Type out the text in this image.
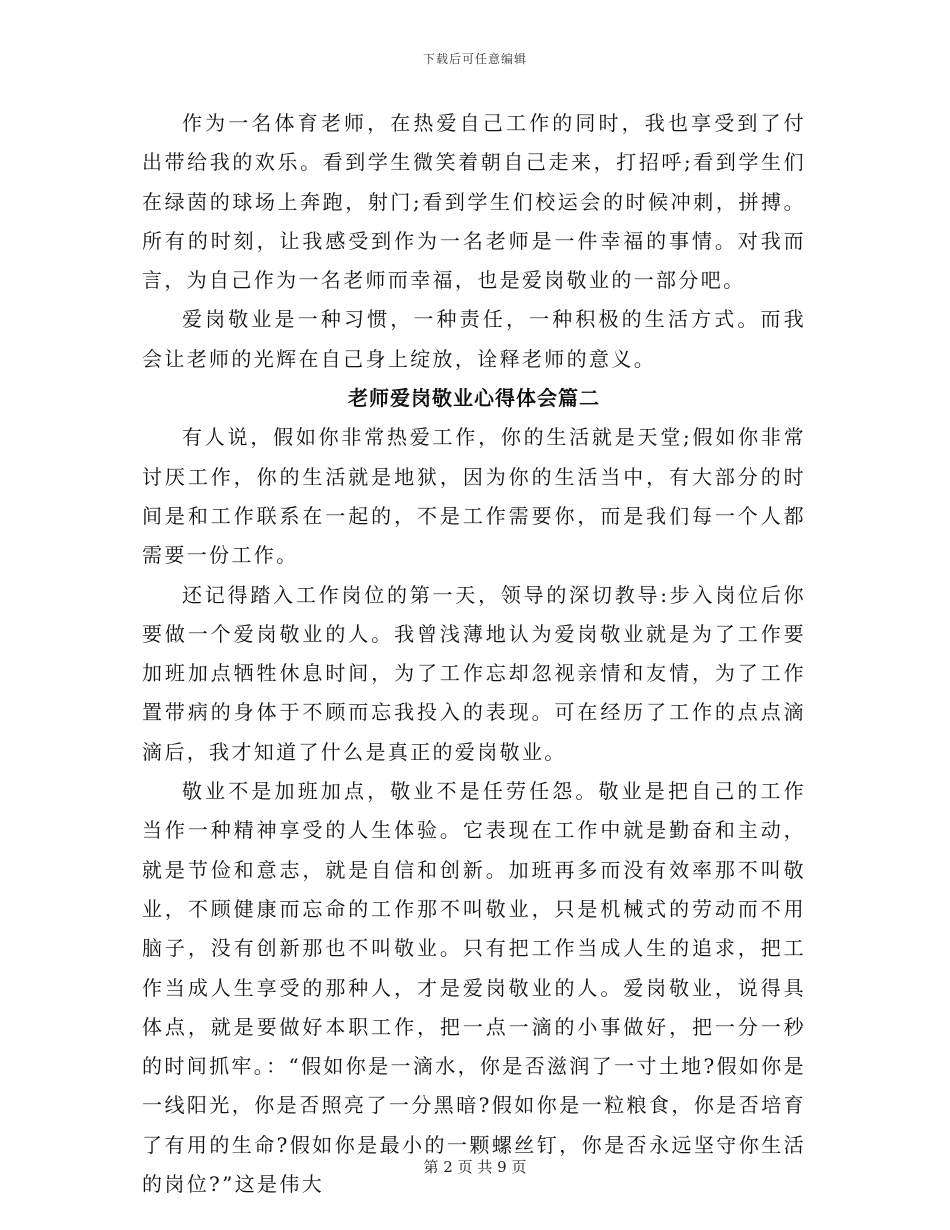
下载后可任意编辑

作为一名体育老师，在热爱自己工作的同时，我也享受到了付出带给我的欢乐。看到学生微笑着朝自己走来，打招呼;看到学生们在绿茵的球场上奔跑，射门;看到学生们校运会的时候冲刺，拼搏。所有的时刻，让我感受到作为一名老师是一件幸福的事情。对我而言，为自己作为一名老师而幸福，也是爱岗敬业的一部分吧。

爱岗敬业是一种习惯，一种责任，一种积极的生活方式。而我会让老师的光辉在自己身上绽放，诠释老师的意义。

老师爱岗敬业心得体会篇二

有人说，假如你非常热爱工作，你的生活就是天堂;假如你非常讨厌工作，你的生活就是地狱，因为你的生活当中，有大部分的时间是和工作联系在一起的，不是工作需要你，而是我们每一个人都需要一份工作。

还记得踏入工作岗位的第一天，领导的深切教导:步入岗位后你要做一个爱岗敬业的人。我曾浅薄地认为爱岗敬业就是为了工作要加班加点牺牲休息时间，为了工作忘却忽视亲情和友情，为了工作置带病的身体于不顾而忘我投入的表现。可在经历了工作的点点滴滴后，我才知道了什么是真正的爱岗敬业。

敬业不是加班加点，敬业不是任劳任怨。敬业是把自己的工作当作一种精神享受的人生体验。它表现在工作中就是勤奋和主动，就是节俭和意志，就是自信和创新。加班再多而没有效率那不叫敬业，不顾健康而忘命的工作那不叫敬业，只是机械式的劳动而不用脑子，没有创新那也不叫敬业。只有把工作当成人生的追求，把工作当成人生享受的那种人，才是爱岗敬业的人。爱岗敬业，说得具体点，就是要做好本职工作，把一点一滴的小事做好，把一分一秒的时间抓牢。：“假如你是一滴水，你是否滋润了一寸土地?假如你是一线阳光，你是否照亮了一分黑暗?假如你是一粒粮食，你是否培育了有用的生命?假如你是最小的一颗螺丝钉，你是否永远坚守你生活的岗位?”这是伟大

第 2 页 共 9 页
